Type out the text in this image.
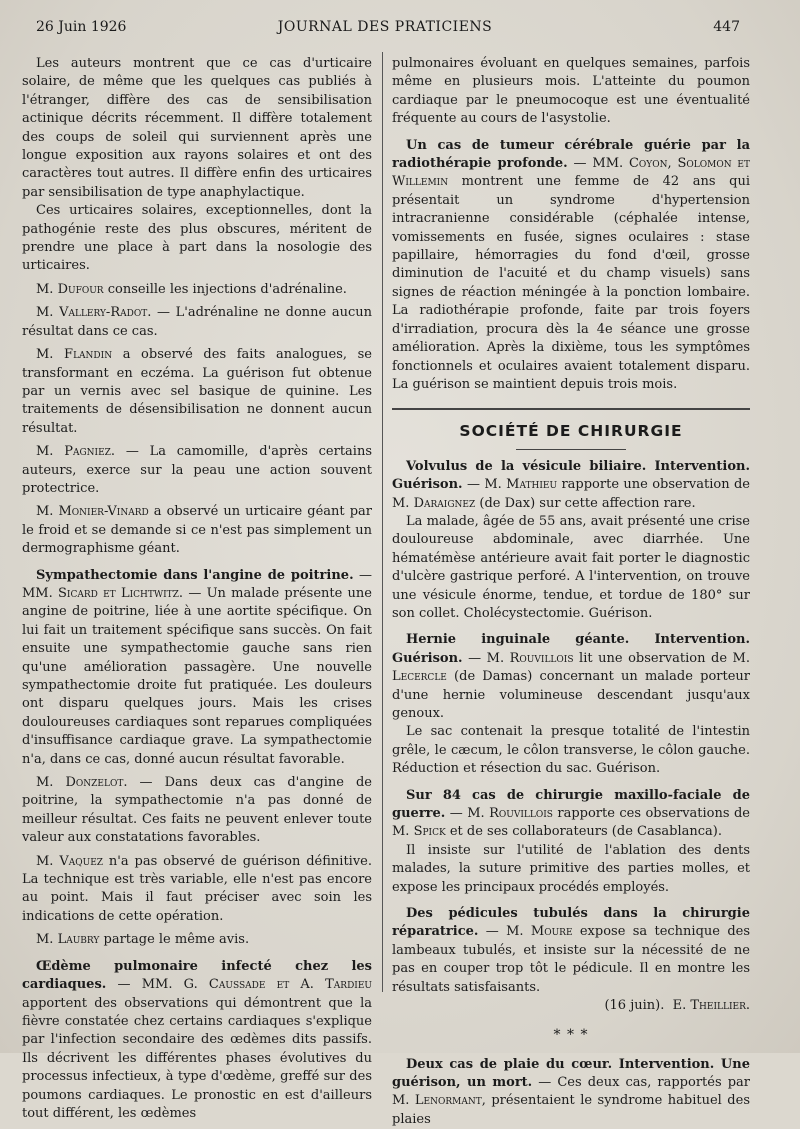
26 Juin 1926	JOURNAL DES PRATICIENS	447

Les auteurs montrent que ce cas d'urticaire solaire, de même que les quelques cas publiés à l'étranger, diffère des cas de sensibilisation actinique décrits récemment. Il diffère totalement des coups de soleil qui surviennent après une longue exposition aux rayons solaires et ont des caractères tout autres. Il diffère enfin des urticaires par sensibilisation de type anaphylactique.

Ces urticaires solaires, exceptionnelles, dont la pathogénie reste des plus obscures, méritent de prendre une place à part dans la nosologie des urticaires.

M. Dufour conseille les injections d'adrénaline.

M. Vallery-Radot. — L'adrénaline ne donne aucun résultat dans ce cas.

M. Flandin a observé des faits analogues, se transformant en eczéma. La guérison fut obtenue par un vernis avec sel basique de quinine. Les traitements de désensibilisation ne donnent aucun résultat.

M. Pagniez. — La camomille, d'après certains auteurs, exerce sur la peau une action souvent protectrice.

M. Monier-Vinard a observé un urticaire géant par le froid et se demande si ce n'est pas simplement un dermographisme géant.

Sympathectomie dans l'angine de poitrine. — MM. Sicard et Lichtwitz. — Un malade présente une angine de poitrine, liée à une aortite spécifique. On lui fait un traitement spécifique sans succès. On fait ensuite une sympathectomie gauche sans rien qu'une amélioration passagère. Une nouvelle sympathectomie droite fut pratiquée. Les douleurs ont disparu quelques jours. Mais les crises douloureuses cardiaques sont reparues compliquées d'insuffisance cardiaque grave. La sympathectomie n'a, dans ce cas, donné aucun résultat favorable.

M. Donzelot. — Dans deux cas d'angine de poitrine, la sympathectomie n'a pas donné de meilleur résultat. Ces faits ne peuvent enlever toute valeur aux constatations favorables.

M. Vaquez n'a pas observé de guérison définitive. La technique est très variable, elle n'est pas encore au point. Mais il faut préciser avec soin les indications de cette opération.

M. Laubry partage le même avis.

Œdème pulmonaire infecté chez les cardiaques. — MM. G. Caussade et A. Tardieu apportent des observations qui démontrent que la fièvre constatée chez certains cardiaques s'explique par l'infection secondaire des œdèmes dits passifs. Ils décrivent les différentes phases évolutives du processus infectieux, à type d'œdème, greffé sur des poumons cardiaques. Le pronostic en est d'ailleurs tout différent, les œdèmes

pulmonaires évoluant en quelques semaines, parfois même en plusieurs mois. L'atteinte du poumon cardiaque par le pneumocoque est une éventualité fréquente au cours de l'asystolie.

Un cas de tumeur cérébrale guérie par la radiothérapie profonde. — MM. Coyon, Solomon et Willemin montrent une femme de 42 ans qui présentait un syndrome d'hypertension intracranienne considérable (céphalée intense, vomissements en fusée, signes oculaires : stase papillaire, hémorragies du fond d'œil, grosse diminution de l'acuité et du champ visuels) sans signes de réaction méningée à la ponction lombaire. La radiothérapie profonde, faite par trois foyers d'irradiation, procura dès la 4e séance une grosse amélioration. Après la dixième, tous les symptômes fonctionnels et oculaires avaient totalement disparu. La guérison se maintient depuis trois mois.

SOCIÉTÉ DE CHIRURGIE

Volvulus de la vésicule biliaire. Intervention. Guérison. — M. Mathieu rapporte une observation de M. Daraignez (de Dax) sur cette affection rare.

La malade, âgée de 55 ans, avait présenté une crise douloureuse abdominale, avec diarrhée. Une hématémèse antérieure avait fait porter le diagnostic d'ulcère gastrique perforé. A l'intervention, on trouve une vésicule énorme, tendue, et tordue de 180° sur son collet. Cholécystectomie. Guérison.

Hernie inguinale géante. Intervention. Guérison. — M. Rouvillois lit une observation de M. Lecercle (de Damas) concernant un malade porteur d'une hernie volumineuse descendant jusqu'aux genoux.

Le sac contenait la presque totalité de l'intestin grêle, le cæcum, le côlon transverse, le côlon gauche. Réduction et résection du sac. Guérison.

Sur 84 cas de chirurgie maxillo-faciale de guerre. — M. Rouvillois rapporte ces observations de M. Spick et de ses collaborateurs (de Casablanca).

Il insiste sur l'utilité de l'ablation des dents malades, la suture primitive des parties molles, et expose les principaux procédés employés.

Des pédicules tubulés dans la chirurgie réparatrice. — M. Moure expose sa technique des lambeaux tubulés, et insiste sur la nécessité de ne pas en couper trop tôt le pédicule. Il en montre les résultats satisfaisants.

(16 juin). E. Theillier.

* * *

Deux cas de plaie du cœur. Intervention. Une guérison, un mort. — Ces deux cas, rapportés par M. Lenormant, présentaient le syndrome habituel des plaies
